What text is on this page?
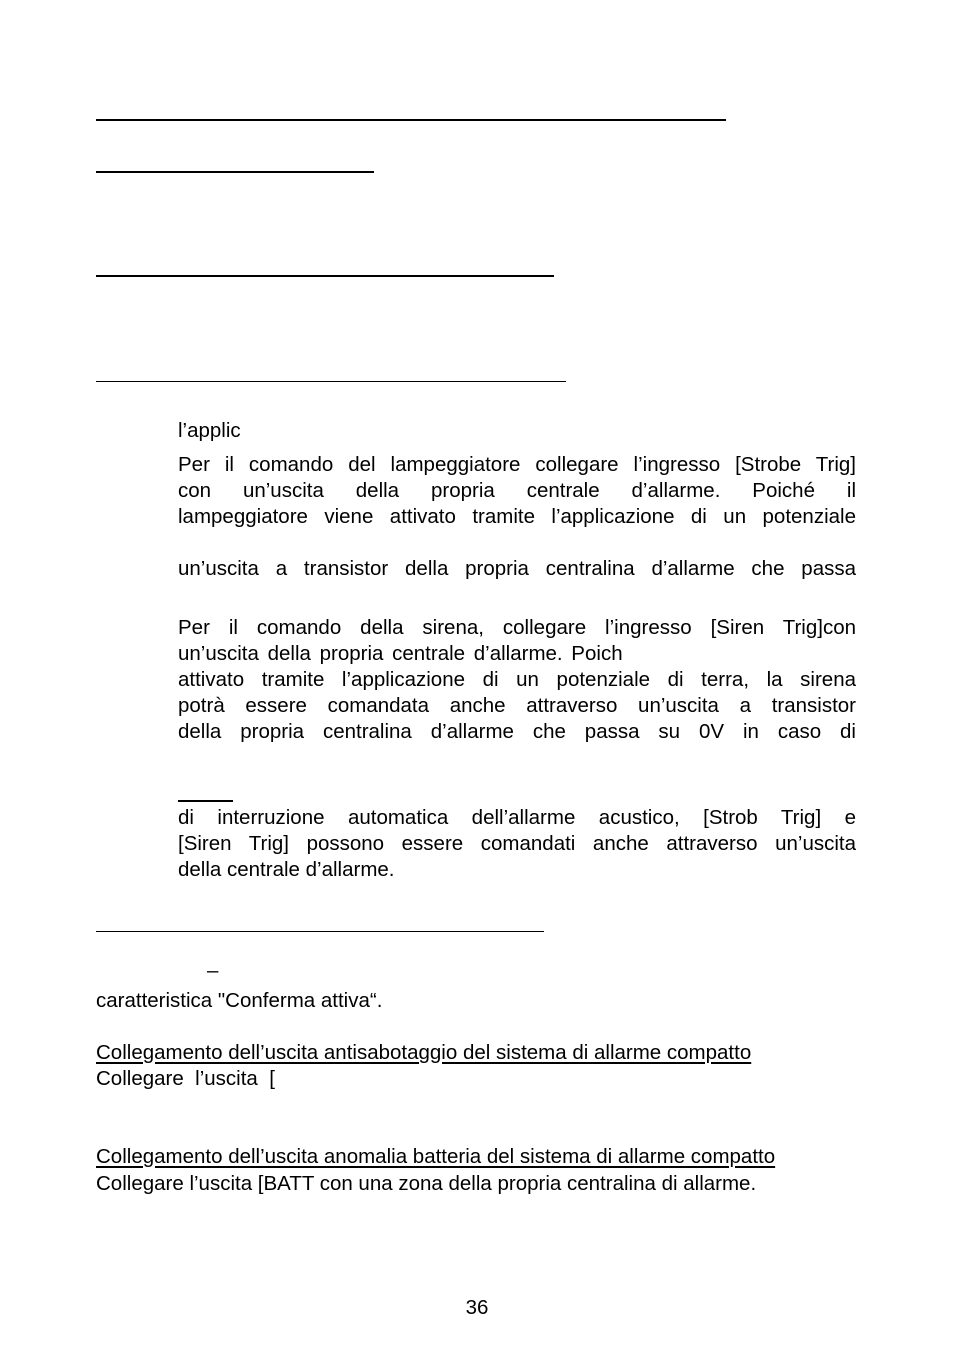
l’applic
Per il comando del lampeggiatore collegare l’ingresso [Strobe Trig]
con un’uscita della propria centrale d’allarme. Poiché il
lampeggiatore viene attivato tramite l’applicazione di un potenziale
un’uscita a transistor della propria centralina d’allarme che passa
Per il comando della sirena, collegare l’ingresso [Siren Trig]con
un’uscita della propria centrale d’allarme. Poich
attivato tramite l’applicazione di un potenziale di terra, la sirena
potrà essere comandata anche attraverso un’uscita a transistor
della propria centralina d’allarme che passa su 0V in caso di
di interruzione automatica dell’allarme acustico, [Strob Trig] e
[Siren Trig] possono essere comandati anche attraverso un’uscita
della centrale d’allarme.
–
caratteristica "Conferma attiva“.
Collegamento dell’uscita antisabotaggio del sistema di allarme compatto
Collegare  l’uscita  [
Collegamento dell’uscita anomalia batteria del sistema di allarme compatto
Collegare l’uscita [BATT con una zona della propria centralina di allarme.
36
